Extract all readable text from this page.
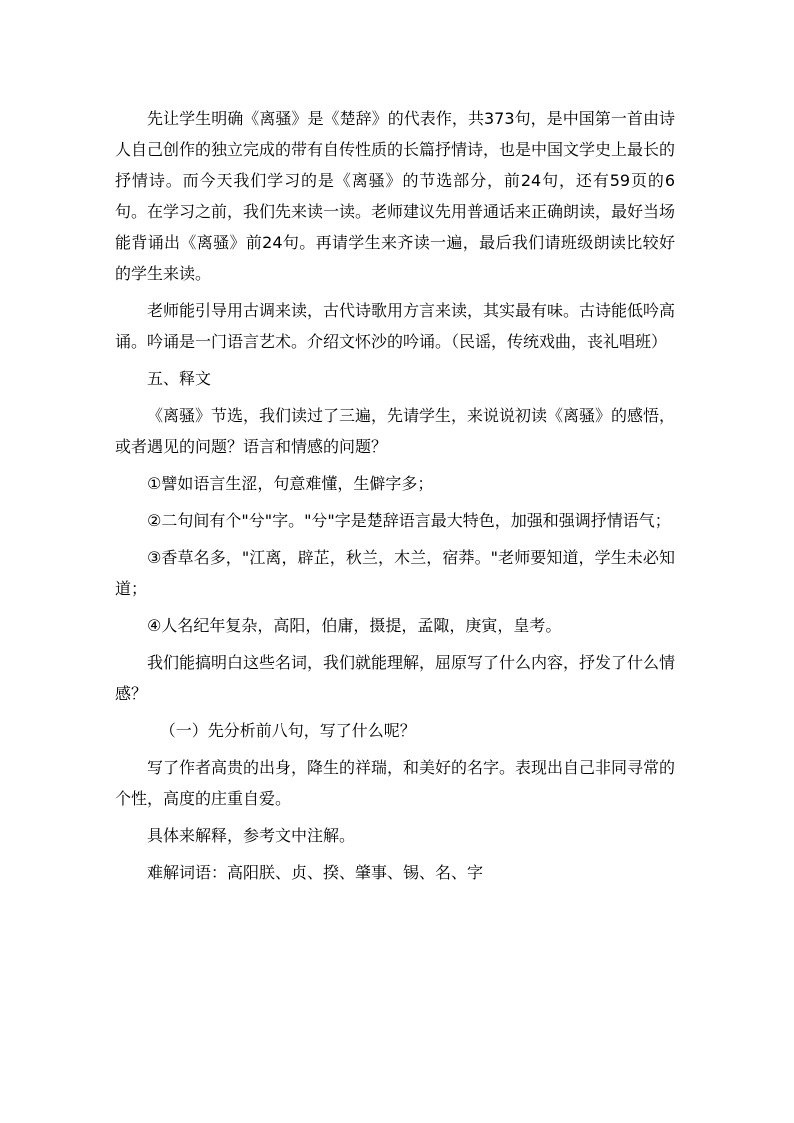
先让学生明确《离骚》是《楚辞》的代表作，共373句，是中国第一首由诗人自己创作的独立完成的带有自传性质的长篇抒情诗，也是中国文学史上最长的抒情诗。而今天我们学习的是《离骚》的节选部分，前24句，还有59页的6句。在学习之前，我们先来读一读。老师建议先用普通话来正确朗读，最好当场能背诵出《离骚》前24句。再请学生来齐读一遍，最后我们请班级朗读比较好的学生来读。

老师能引导用古调来读，古代诗歌用方言来读，其实最有味。古诗能低吟高诵。吟诵是一门语言艺术。介绍文怀沙的吟诵。（民谣，传统戏曲，丧礼唱班）

五、释文

《离骚》节选，我们读过了三遍，先请学生，来说说初读《离骚》的感悟，或者遇见的问题？语言和情感的问题？

①譬如语言生涩，句意难懂，生僻字多；

②二句间有个"兮"字。"兮"字是楚辞语言最大特色，加强和强调抒情语气；

③香草名多，"江离，辟芷，秋兰，木兰，宿莽。"老师要知道，学生未必知道；

④人名纪年复杂，高阳，伯庸，摄提，孟陬，庚寅，皇考。

我们能搞明白这些名词，我们就能理解，屈原写了什么内容，抒发了什么情感？

（一）先分析前八句，写了什么呢？

写了作者高贵的出身，降生的祥瑞，和美好的名字。表现出自己非同寻常的个性，高度的庄重自爱。

具体来解释，参考文中注解。

难解词语：高阳朕、贞、揆、肇事、锡、名、字
